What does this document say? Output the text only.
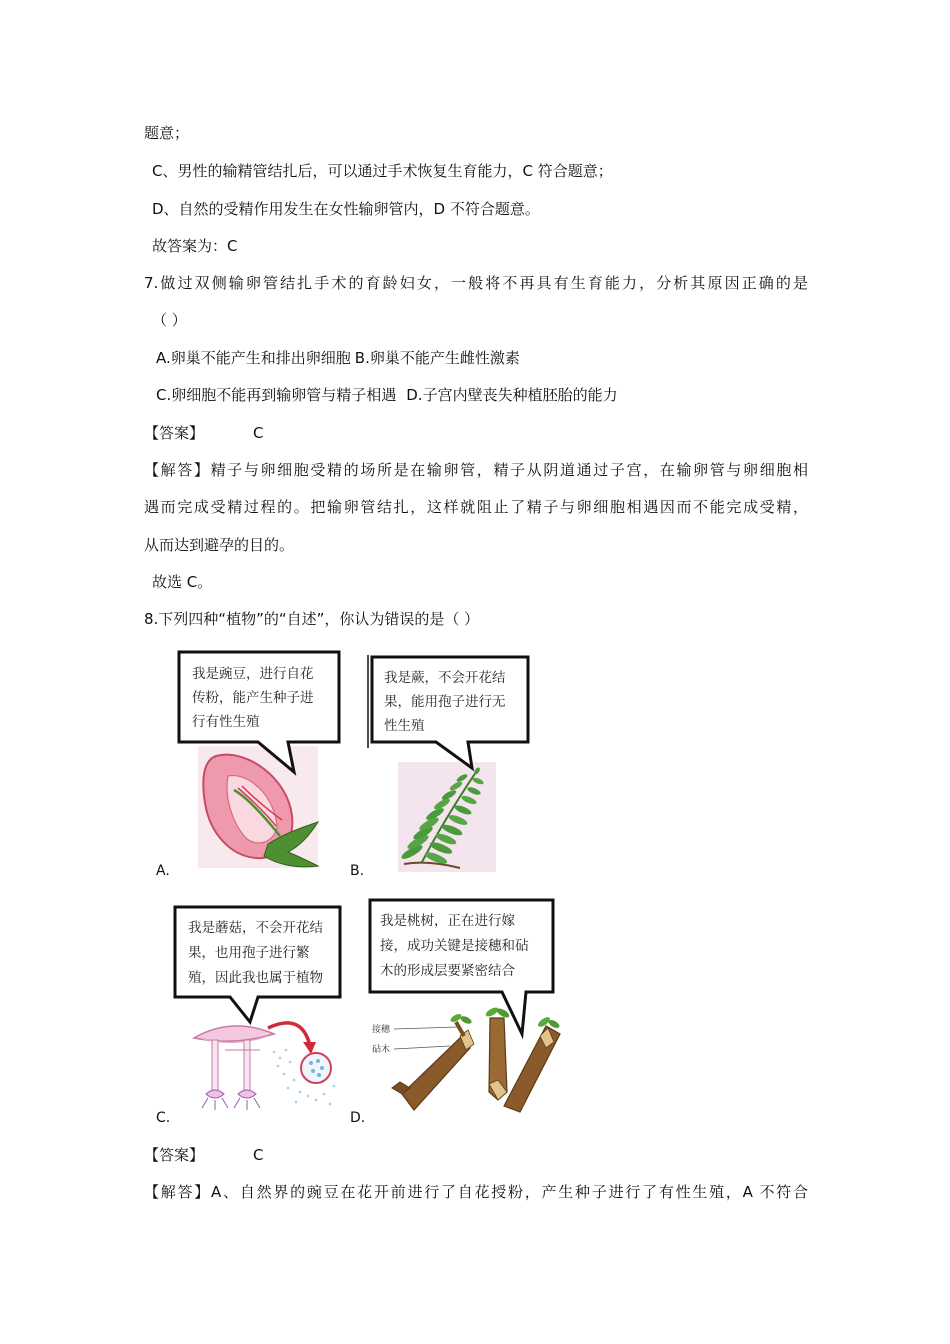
题意；
C、男性的输精管结扎后，可以通过手术恢复生育能力，C 符合题意；
D、自然的受精作用发生在女性输卵管内，D 不符合题意。
故答案为：C
7.做过双侧输卵管结扎手术的育龄妇女，一般将不再具有生育能力，分析其原因正确的是
（ ）
A.卵巢不能产生和排出卵细胞 B.卵巢不能产生雌性激素
C.卵细胞不能再到输卵管与精子相遇 D.子宫内壁丧失种植胚胎的能力
【答案】	C
【解答】精子与卵细胞受精的场所是在输卵管，精子从阴道通过子宫，在输卵管与卵细胞相
遇而完成受精过程的。把输卵管结扎，这样就阻止了精子与卵细胞相遇因而不能完成受精，
从而达到避孕的目的。
故选 C。
8.下列四种“植物”的“自述”，你认为错误的是（ ）
我是豌豆，进行自花
传粉，能产生种子进
行有性生殖
A.
我是蕨，不会开花结
果，能用孢子进行无
性生殖
B.
我是蘑菇，不会开花结
果，也用孢子进行繁
殖，因此我也属于植物
C.
接穗
砧木
我是桃树，正在进行嫁
接，成功关键是接穗和砧
木的形成层要紧密结合
D.
【答案】	C
【解答】A、自然界的豌豆在花开前进行了自花授粉，产生种子进行了有性生殖，A 不符合
